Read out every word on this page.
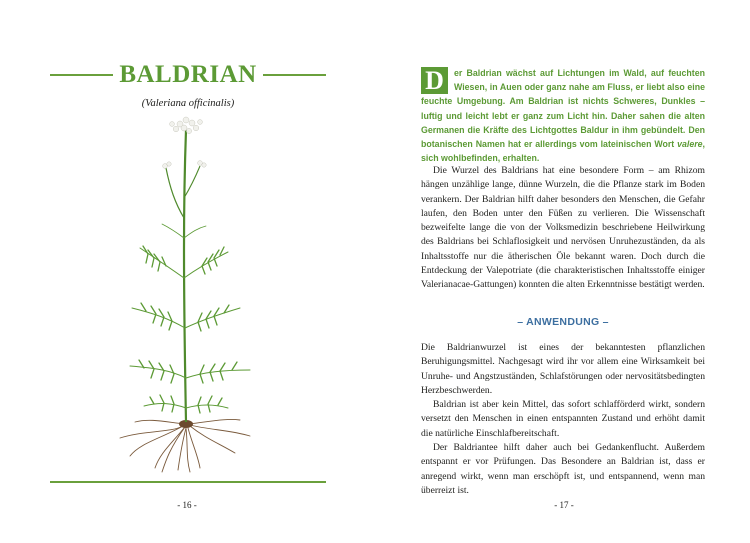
BALDRIAN
(Valeriana officinalis)
- 16 -
D	er Baldrian wächst auf Lichtungen im Wald, auf feuchten Wiesen, in Auen oder ganz nahe am Fluss, er liebt also eine feuchte Umgebung. Am Baldrian ist nichts Schweres, Dunkles – luftig und leicht lebt er ganz zum Licht hin. Daher sahen die alten Germanen die Kräfte des Lichtgottes Baldur in ihm gebündelt. Den botanischen Namen hat er allerdings vom lateinischen Wort valere, sich wohlbefinden, erhalten.

Die Wurzel des Baldrians hat eine besondere Form – am Rhizom hängen unzählige lange, dünne Wurzeln, die die Pflanze stark im Boden verankern. Der Baldrian hilft daher besonders den Menschen, die Gefahr laufen, den Boden unter den Füßen zu verlieren. Die Wissenschaft bezweifelte lange die von der Volksmedizin beschriebene Heilwirkung des Baldrians bei Schlaflosigkeit und nervösen Unruhezuständen, da als Inhaltsstoffe nur die ätherischen Öle bekannt waren. Doch durch die Entdeckung der Valepotriate (die charakteristischen Inhaltsstoffe einiger Valerianacae-Gattungen) konnten die alten Erkenntnisse bestätigt werden.

– ANWENDUNG –

Die Baldrianwurzel ist eines der bekanntesten pflanzlichen Beruhigungsmittel. Nachgesagt wird ihr vor allem eine Wirksamkeit bei Unruhe- und Angstzuständen, Schlafstörungen oder nervositätsbedingten Herzbeschwerden.

Baldrian ist aber kein Mittel, das sofort schlafförderd wirkt, sondern versetzt den Menschen in einen entspannten Zustand und erhöht damit die natürliche Einschlafbereitschaft.

Der Baldriantee hilft daher auch bei Gedankenflucht. Außerdem entspannt er vor Prüfungen. Das Besondere an Baldrian ist, dass er anregend wirkt, wenn man erschöpft ist, und entspannend, wenn man überreizt ist.

- 17 -
